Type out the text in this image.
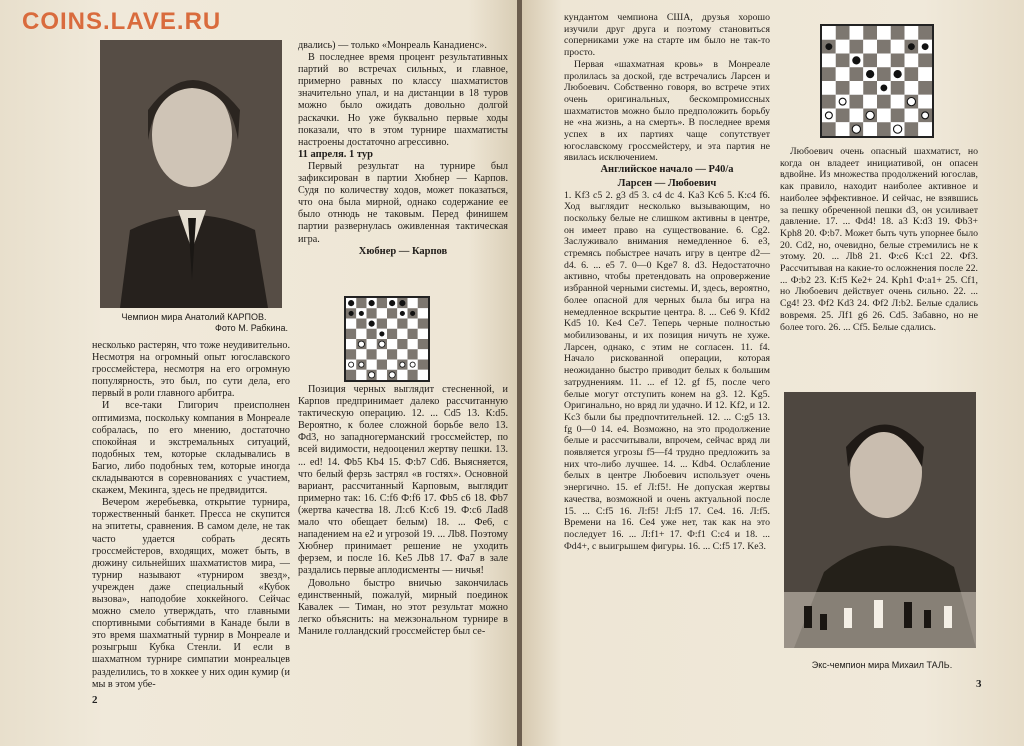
COINS.LAVE.RU
Чемпион мира Анатолий КАРПОВ.
Фото М. Рабкина.

двались) — только «Монреаль Канадиенс».

В последнее время процент результативных партий во встречах сильных, и главное, примерно равных по классу шахматистов значительно упал, и на дистанции в 18 туров можно было ожидать довольно долгой раскачки. Но уже буквально первые ходы показали, что в этом турнире шахматисты настроены достаточно агрессивно.

11 апреля. 1 тур

Первый результат на турнире был зафиксирован в партии Хюбнер — Карпов. Судя по количеству ходов, может показаться, что она была мирной, однако содержание ее было отнюдь не таковым. Перед финишем партии развернулась оживленная тактическая игра.

Хюбнер — Карпов

несколько растерян, что тоже неудивительно. Несмотря на огромный опыт югославского гроссмейстера, несмотря на его огромную популярность, это был, по сути дела, его первый в роли главного арбитра.

И все-таки Глигорич преисполнен оптимизма, поскольку компания в Монреале собралась, по его мнению, достаточно спокойная и экстремальных ситуаций, подобных тем, которые складывались в Багио, либо подобных тем, которые иногда складываются в соревнованиях с участием, скажем, Мекинга, здесь не предвидится.

Вечером жеребьевка, открытие турнира, торжественный банкет. Пресса не скупится на эпитеты, сравнения. В самом деле, не так часто удается собрать десять гроссмейстеров, входящих, может быть, в дюжину сильнейших шахматистов мира, — турнир называют «турниром звезд», учрежден даже специальный «Кубок вызова», наподобие хоккейного. Сейчас можно смело утверждать, что главными спортивными событиями в Канаде были в это время шахматный турнир в Монреале и розыгрыш Кубка Стенли. И если в шахматном турнире симпатии монреальцев разделились, то в хоккее у них один кумир (и мы в этом убе-

Позиция черных выглядит стесненной, и Карпов предпринимает далеко рассчитанную тактическую операцию. 12. ... Cd5 13. К:d5. Вероятно, к более сложной борьбе вело 13. Фd3, но западногерманский гроссмейстер, по всей видимости, недооценил жертву пешки. 13. ... ed! 14. Фb5 Kb4 15. Ф:b7 Cd6. Выясняется, что белый ферзь застрял «в гостях». Основной вариант, рассчитанный Карповым, выглядит примерно так: 16. С:f6 Ф:f6 17. Фb5 c6 18. Фb7 (жертва качества 18. Л:c6 К:c6 19. Ф:c6 Лad8 мало что обещает белым) 18. ... Фe6, с нападением на e2 и угрозой 19. ... Лb8. Поэтому Хюбнер принимает решение не уходить ферзем, и после 16. Ke5 Лb8 17. Фa7 в зале раздались первые аплодисменты — ничья!

Довольно быстро вничью закончилась единственный, пожалуй, мирный поединок Кавалек — Тиман, но этот результат можно легко объяснить: на межзональном турнире в Маниле голландский гроссмейстер был се-

2

кундантом чемпиона США, друзья хорошо изучили друг друга и поэтому становиться соперниками уже на старте им было не так-то просто.

Первая «шахматная кровь» в Монреале пролилась за доской, где встречались Ларсен и Любоевич. Собственно говоря, во встрече этих очень оригинальных, бескомпромиссных шахматистов можно было предположить борьбу не «на жизнь, а на смерть». В последнее время успех в их партиях чаще сопутствует югославскому гроссмейстеру, и эта партия не явилась исключением.

Английское начало — Р40/а

Ларсен — Любоевич

1. Kf3 c5 2. g3 d5 3. c4 dc 4. Ka3 Kc6 5. К:c4 f6. Ход выглядит несколько вызывающим, но поскольку белые не слишком активны в центре, он имеет право на существование. 6. Cg2. Заслуживало внимания немедленное 6. e3, стремясь побыстрее начать игру в центре d2—d4. 6. ... e5 7. 0—0 Kge7 8. d3. Недостаточно активно, чтобы претендовать на опровержение избранной черными системы. И, здесь, вероятно, более опасной для черных была бы игра на немедленное вскрытие центра. 8. ... Ce6 9. Kfd2 Kd5 10. Ke4 Ce7. Теперь черные полностью мобилизованы, и их позиция ничуть не хуже. Ларсен, однако, с этим не согласен. 11. f4. Начало рискованной операции, которая неожиданно быстро приводит белых к большим затруднениям. 11. ... ef 12. gf f5, после чего белые могут отступить конем на g3. 12. Kg5. Оригинально, но вряд ли удачно. И 12. Kf2, и 12. Kc3 были бы предпочтительней. 12. ... C:g5 13. fg 0—0 14. e4. Возможно, на это продолжение белые и рассчитывали, впрочем, сейчас вряд ли появляется угрозы f5—f4 трудно предложить за них что-либо лучшее. 14. ... Kdb4. Ослабление белых в центре Любоевич использует очень энергично. 15. ef Л:f5!. Не допуская жертвы качества, возможной и очень актуальной после 15. ... C:f5 16. Л:f5! Л:f5 17. Ce4. 16. Л:f5. Времени на 16. Ce4 уже нет, так как на это последует 16. ... Л:f1+ 17. Ф:f1 C:c4 и 18. ... Фd4+, с выигрышем фигуры. 16. ... C:f5 17. Ke3.

Любоевич очень опасный шахматист, но когда он владеет инициативой, он опасен вдвойне. Из множества продолжений югослав, как правило, находит наиболее активное и наиболее эффективное. И сейчас, не взявшись за пешку обреченной пешки d3, он усиливает давление. 17. ... Фd4! 18. a3 K:d3 19. Фb3+ Kph8 20. Ф:b7. Может быть чуть упорнее было 20. Cd2, но, очевидно, белые стремились не к этому. 20. ... Лb8 21. Ф:c6 К:c1 22. Фf3. Рассчитывая на какие-то осложнения после 22. ... Ф:b2 23. К:f5 Ke2+ 24. Kph1 Ф:a1+ 25. Cf1, но Любоевич действует очень сильно. 22. ... Cg4! 23. Фf2 Kd3 24. Фf2 Л:b2. Белые сдались вовремя. 25. Лf1 g6 26. Cd5. Забавно, но не более того. 26. ... Cf5. Белые сдались.

Экс-чемпион мира Михаил ТАЛЬ.
3
